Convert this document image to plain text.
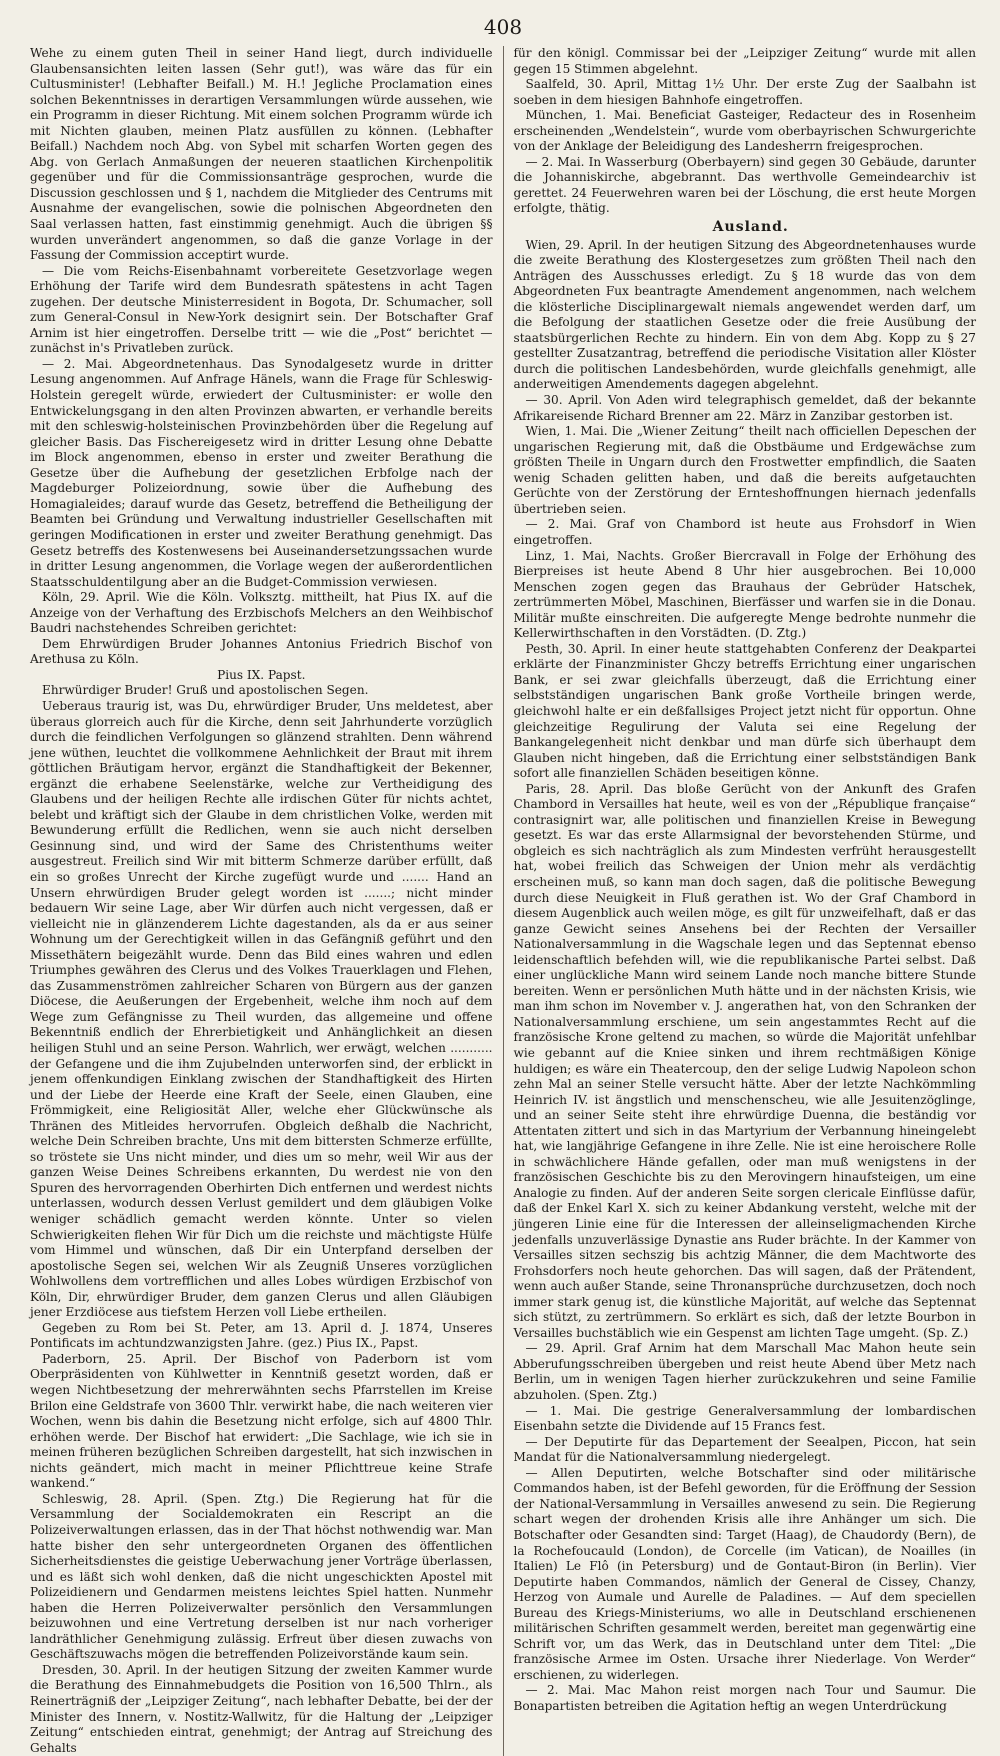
408

Wehe zu einem guten Theil in seiner Hand liegt, durch individuelle Glaubensansichten leiten lassen (Sehr gut!), was wäre das für ein Cultusminister! (Lebhafter Beifall.) M. H.! Jegliche Proclamation eines solchen Bekenntnisses in derartigen Versammlungen würde aussehen, wie ein Programm in dieser Richtung. Mit einem solchen Programm würde ich mit Nichten glauben, meinen Platz ausfüllen zu können. (Lebhafter Beifall.) Nachdem noch Abg. von Sybel mit scharfen Worten gegen des Abg. von Gerlach Anmaßungen der neueren staatlichen Kirchenpolitik gegenüber und für die Commissionsanträge gesprochen, wurde die Discussion geschlossen und § 1, nachdem die Mitglieder des Centrums mit Ausnahme der evangelischen, sowie die polnischen Abgeordneten den Saal verlassen hatten, fast einstimmig genehmigt. Auch die übrigen §§ wurden unverändert angenommen, so daß die ganze Vorlage in der Fassung der Commission acceptirt wurde.

— Die vom Reichs-Eisenbahnamt vorbereitete Gesetzvorlage wegen Erhöhung der Tarife wird dem Bundesrath spätestens in acht Tagen zugehen. Der deutsche Ministerresident in Bogota, Dr. Schumacher, soll zum General-Consul in New-York designirt sein. Der Botschafter Graf Arnim ist hier eingetroffen. Derselbe tritt — wie die „Post“ berichtet — zunächst in's Privatleben zurück.

— 2. Mai. Abgeordnetenhaus. Das Synodalgesetz wurde in dritter Lesung angenommen. Auf Anfrage Hänels, wann die Frage für Schleswig-Holstein geregelt würde, erwiedert der Cultusminister: er wolle den Entwickelungsgang in den alten Provinzen abwarten, er verhandle bereits mit den schleswig-holsteinischen Provinzbehörden über die Regelung auf gleicher Basis. Das Fischereigesetz wird in dritter Lesung ohne Debatte im Block angenommen, ebenso in erster und zweiter Berathung die Gesetze über die Aufhebung der gesetzlichen Erbfolge nach der Magdeburger Polizeiordnung, sowie über die Aufhebung des Homagialeides; darauf wurde das Gesetz, betreffend die Betheiligung der Beamten bei Gründung und Verwaltung industrieller Gesellschaften mit geringen Modificationen in erster und zweiter Berathung genehmigt. Das Gesetz betreffs des Kostenwesens bei Auseinandersetzungssachen wurde in dritter Lesung angenommen, die Vorlage wegen der außerordentlichen Staatsschuldentilgung aber an die Budget-Commission verwiesen.

Köln, 29. April. Wie die Köln. Volksztg. mittheilt, hat Pius IX. auf die Anzeige von der Verhaftung des Erzbischofs Melchers an den Weihbischof Baudri nachstehendes Schreiben gerichtet:

Dem Ehrwürdigen Bruder Johannes Antonius Friedrich Bischof von Arethusa zu Köln.

Pius IX. Papst.

Ehrwürdiger Bruder! Gruß und apostolischen Segen.

Ueberaus traurig ist, was Du, ehrwürdiger Bruder, Uns meldetest, aber überaus glorreich auch für die Kirche, denn seit Jahrhunderte vorzüglich durch die feindlichen Verfolgungen so glänzend strahlten. Denn während jene wüthen, leuchtet die vollkommene Aehnlichkeit der Braut mit ihrem göttlichen Bräutigam hervor, ergänzt die Standhaftigkeit der Bekenner, ergänzt die erhabene Seelenstärke, welche zur Vertheidigung des Glaubens und der heiligen Rechte alle irdischen Güter für nichts achtet, belebt und kräftigt sich der Glaube in dem christlichen Volke, werden mit Bewunderung erfüllt die Redlichen, wenn sie auch nicht derselben Gesinnung sind, und wird der Same des Christenthums weiter ausgestreut. Freilich sind Wir mit bitterm Schmerze darüber erfüllt, daß ein so großes Unrecht der Kirche zugefügt wurde und ....... Hand an Unsern ehrwürdigen Bruder gelegt worden ist .......; nicht minder bedauern Wir seine Lage, aber Wir dürfen auch nicht vergessen, daß er vielleicht nie in glänzenderem Lichte dagestanden, als da er aus seiner Wohnung um der Gerechtigkeit willen in das Gefängniß geführt und den Missethätern beigezählt wurde. Denn das Bild eines wahren und edlen Triumphes gewähren des Clerus und des Volkes Trauerklagen und Flehen, das Zusammenströmen zahlreicher Scharen von Bürgern aus der ganzen Diöcese, die Aeußerungen der Ergebenheit, welche ihm noch auf dem Wege zum Gefängnisse zu Theil wurden, das allgemeine und offene Bekenntniß endlich der Ehrerbietigkeit und Anhänglichkeit an diesen heiligen Stuhl und an seine Person. Wahrlich, wer erwägt, welchen ........... der Gefangene und die ihm Zujubelnden unterworfen sind, der erblickt in jenem offenkundigen Einklang zwischen der Standhaftigkeit des Hirten und der Liebe der Heerde eine Kraft der Seele, einen Glauben, eine Frömmigkeit, eine Religiosität Aller, welche eher Glückwünsche als Thränen des Mitleides hervorrufen. Obgleich deßhalb die Nachricht, welche Dein Schreiben brachte, Uns mit dem bittersten Schmerze erfüllte, so tröstete sie Uns nicht minder, und dies um so mehr, weil Wir aus der ganzen Weise Deines Schreibens erkannten, Du werdest nie von den Spuren des hervorragenden Oberhirten Dich entfernen und werdest nichts unterlassen, wodurch dessen Verlust gemildert und dem gläubigen Volke weniger schädlich gemacht werden könnte. Unter so vielen Schwierigkeiten flehen Wir für Dich um die reichste und mächtigste Hülfe vom Himmel und wünschen, daß Dir ein Unterpfand derselben der apostolische Segen sei, welchen Wir als Zeugniß Unseres vorzüglichen Wohlwollens dem vortrefflichen und alles Lobes würdigen Erzbischof von Köln, Dir, ehrwürdiger Bruder, dem ganzen Clerus und allen Gläubigen jener Erzdiöcese aus tiefstem Herzen voll Liebe ertheilen.

Gegeben zu Rom bei St. Peter, am 13. April d. J. 1874, Unseres Pontificats im achtundzwanzigsten Jahre. (gez.) Pius IX., Papst.

Paderborn, 25. April. Der Bischof von Paderborn ist vom Oberpräsidenten von Kühlwetter in Kenntniß gesetzt worden, daß er wegen Nichtbesetzung der mehrerwähnten sechs Pfarrstellen im Kreise Brilon eine Geldstrafe von 3600 Thlr. verwirkt habe, die nach weiteren vier Wochen, wenn bis dahin die Besetzung nicht erfolge, sich auf 4800 Thlr. erhöhen werde. Der Bischof hat erwidert: „Die Sachlage, wie ich sie in meinen früheren bezüglichen Schreiben dargestellt, hat sich inzwischen in nichts geändert, mich macht in meiner Pflichttreue keine Strafe wankend.“

Schleswig, 28. April. (Spen. Ztg.) Die Regierung hat für die Versammlung der Socialdemokraten ein Rescript an die Polizeiverwaltungen erlassen, das in der That höchst nothwendig war. Man hatte bisher den sehr untergeordneten Organen des öffentlichen Sicherheitsdienstes die geistige Ueberwachung jener Vorträge überlassen, und es läßt sich wohl denken, daß die nicht ungeschickten Apostel mit Polizeidienern und Gendarmen meistens leichtes Spiel hatten. Nunmehr haben die Herren Polizeiverwalter persönlich den Versammlungen beizuwohnen und eine Vertretung derselben ist nur nach vorheriger landräthlicher Genehmigung zulässig. Erfreut über diesen zuwachs von Geschäftszuwachs mögen die betreffenden Polizeivorstände kaum sein.

Dresden, 30. April. In der heutigen Sitzung der zweiten Kammer wurde die Berathung des Einnahmebudgets die Position von 16,500 Thlrn., als Reinerträgniß der „Leipziger Zeitung“, nach lebhafter Debatte, bei der der Minister des Innern, v. Nostitz-Wallwitz, für die Haltung der „Leipziger Zeitung“ entschieden eintrat, genehmigt; der Antrag auf Streichung des Gehalts

für den königl. Commissar bei der „Leipziger Zeitung“ wurde mit allen gegen 15 Stimmen abgelehnt.

Saalfeld, 30. April, Mittag 1½ Uhr. Der erste Zug der Saalbahn ist soeben in dem hiesigen Bahnhofe eingetroffen.

München, 1. Mai. Beneficiat Gasteiger, Redacteur des in Rosenheim erscheinenden „Wendelstein“, wurde vom oberbayrischen Schwurgerichte von der Anklage der Beleidigung des Landesherrn freigesprochen.

— 2. Mai. In Wasserburg (Oberbayern) sind gegen 30 Gebäude, darunter die Johanniskirche, abgebrannt. Das werthvolle Gemeindearchiv ist gerettet. 24 Feuerwehren waren bei der Löschung, die erst heute Morgen erfolgte, thätig.

Ausland.

Wien, 29. April. In der heutigen Sitzung des Abgeordnetenhauses wurde die zweite Berathung des Klostergesetzes zum größten Theil nach den Anträgen des Ausschusses erledigt. Zu § 18 wurde das von dem Abgeordneten Fux beantragte Amendement angenommen, nach welchem die klösterliche Disciplinargewalt niemals angewendet werden darf, um die Befolgung der staatlichen Gesetze oder die freie Ausübung der staatsbürgerlichen Rechte zu hindern. Ein von dem Abg. Kopp zu § 27 gestellter Zusatzantrag, betreffend die periodische Visitation aller Klöster durch die politischen Landesbehörden, wurde gleichfalls genehmigt, alle anderweitigen Amendements dagegen abgelehnt.

— 30. April. Von Aden wird telegraphisch gemeldet, daß der bekannte Afrikareisende Richard Brenner am 22. März in Zanzibar gestorben ist.

Wien, 1. Mai. Die „Wiener Zeitung“ theilt nach officiellen Depeschen der ungarischen Regierung mit, daß die Obstbäume und Erdgewächse zum größten Theile in Ungarn durch den Frostwetter empfindlich, die Saaten wenig Schaden gelitten haben, und daß die bereits aufgetauchten Gerüchte von der Zerstörung der Ernteshoffnungen hiernach jedenfalls übertrieben seien.

— 2. Mai. Graf von Chambord ist heute aus Frohsdorf in Wien eingetroffen.

Linz, 1. Mai, Nachts. Großer Biercravall in Folge der Erhöhung des Bierpreises ist heute Abend 8 Uhr hier ausgebrochen. Bei 10,000 Menschen zogen gegen das Brauhaus der Gebrüder Hatschek, zertrümmerten Möbel, Maschinen, Bierfässer und warfen sie in die Donau. Militär mußte einschreiten. Die aufgeregte Menge bedrohte nunmehr die Kellerwirthschaften in den Vorstädten. (D. Ztg.)

Pesth, 30. April. In einer heute stattgehabten Conferenz der Deakpartei erklärte der Finanzminister Ghczy betreffs Errichtung einer ungarischen Bank, er sei zwar gleichfalls überzeugt, daß die Errichtung einer selbstständigen ungarischen Bank große Vortheile bringen werde, gleichwohl halte er ein deßfallsiges Project jetzt nicht für opportun. Ohne gleichzeitige Regulirung der Valuta sei eine Regelung der Bankangelegenheit nicht denkbar und man dürfe sich überhaupt dem Glauben nicht hingeben, daß die Errichtung einer selbstständigen Bank sofort alle finanziellen Schäden beseitigen könne.

Paris, 28. April. Das bloße Gerücht von der Ankunft des Grafen Chambord in Versailles hat heute, weil es von der „République française“ contrasignirt war, alle politischen und finanziellen Kreise in Bewegung gesetzt. Es war das erste Allarmsignal der bevorstehenden Stürme, und obgleich es sich nachträglich als zum Mindesten verfrüht herausgestellt hat, wobei freilich das Schweigen der Union mehr als verdächtig erscheinen muß, so kann man doch sagen, daß die politische Bewegung durch diese Neuigkeit in Fluß gerathen ist. Wo der Graf Chambord in diesem Augenblick auch weilen möge, es gilt für unzweifelhaft, daß er das ganze Gewicht seines Ansehens bei der Rechten der Versailler Nationalversammlung in die Wagschale legen und das Septennat ebenso leidenschaftlich befehden will, wie die republikanische Partei selbst. Daß einer unglückliche Mann wird seinem Lande noch manche bittere Stunde bereiten. Wenn er persönlichen Muth hätte und in der nächsten Krisis, wie man ihm schon im November v. J. angerathen hat, von den Schranken der Nationalversammlung erschiene, um sein angestammtes Recht auf die französische Krone geltend zu machen, so würde die Majorität unfehlbar wie gebannt auf die Kniee sinken und ihrem rechtmäßigen Könige huldigen; es wäre ein Theatercoup, den der selige Ludwig Napoleon schon zehn Mal an seiner Stelle versucht hätte. Aber der letzte Nachkömmling Heinrich IV. ist ängstlich und menschenscheu, wie alle Jesuitenzöglinge, und an seiner Seite steht ihre ehrwürdige Duenna, die beständig vor Attentaten zittert und sich in das Martyrium der Verbannung hineingelebt hat, wie langjährige Gefangene in ihre Zelle. Nie ist eine heroischere Rolle in schwächlichere Hände gefallen, oder man muß wenigstens in der französischen Geschichte bis zu den Merovingern hinaufsteigen, um eine Analogie zu finden. Auf der anderen Seite sorgen clericale Einflüsse dafür, daß der Enkel Karl X. sich zu keiner Abdankung versteht, welche mit der jüngeren Linie eine für die Interessen der alleinseligmachenden Kirche jedenfalls unzuverlässige Dynastie ans Ruder brächte. In der Kammer von Versailles sitzen sechszig bis achtzig Männer, die dem Machtworte des Frohsdorfers noch heute gehorchen. Das will sagen, daß der Prätendent, wenn auch außer Stande, seine Thronansprüche durchzusetzen, doch noch immer stark genug ist, die künstliche Majorität, auf welche das Septennat sich stützt, zu zertrümmern. So erklärt es sich, daß der letzte Bourbon in Versailles buchstäblich wie ein Gespenst am lichten Tage umgeht. (Sp. Z.)

— 29. April. Graf Arnim hat dem Marschall Mac Mahon heute sein Abberufungsschreiben übergeben und reist heute Abend über Metz nach Berlin, um in wenigen Tagen hierher zurückzukehren und seine Familie abzuholen. (Spen. Ztg.)

— 1. Mai. Die gestrige Generalversammlung der lombardischen Eisenbahn setzte die Dividende auf 15 Francs fest.

— Der Deputirte für das Departement der Seealpen, Piccon, hat sein Mandat für die Nationalversammlung niedergelegt.

— Allen Deputirten, welche Botschafter sind oder militärische Commandos haben, ist der Befehl geworden, für die Eröffnung der Session der National-Versammlung in Versailles anwesend zu sein. Die Regierung schart wegen der drohenden Krisis alle ihre Anhänger um sich. Die Botschafter oder Gesandten sind: Target (Haag), de Chaudordy (Bern), de la Rochefoucauld (London), de Corcelle (im Vatican), de Noailles (in Italien) Le Flô (in Petersburg) und de Gontaut-Biron (in Berlin). Vier Deputirte haben Commandos, nämlich der General de Cissey, Chanzy, Herzog von Aumale und Aurelle de Paladines. — Auf dem speciellen Bureau des Kriegs-Ministeriums, wo alle in Deutschland erschienenen militärischen Schriften gesammelt werden, bereitet man gegenwärtig eine Schrift vor, um das Werk, das in Deutschland unter dem Titel: „Die französische Armee im Osten. Ursache ihrer Niederlage. Von Werder“ erschienen, zu widerlegen.

— 2. Mai. Mac Mahon reist morgen nach Tour und Saumur. Die Bonapartisten betreiben die Agitation heftig an wegen Unterdrückung
